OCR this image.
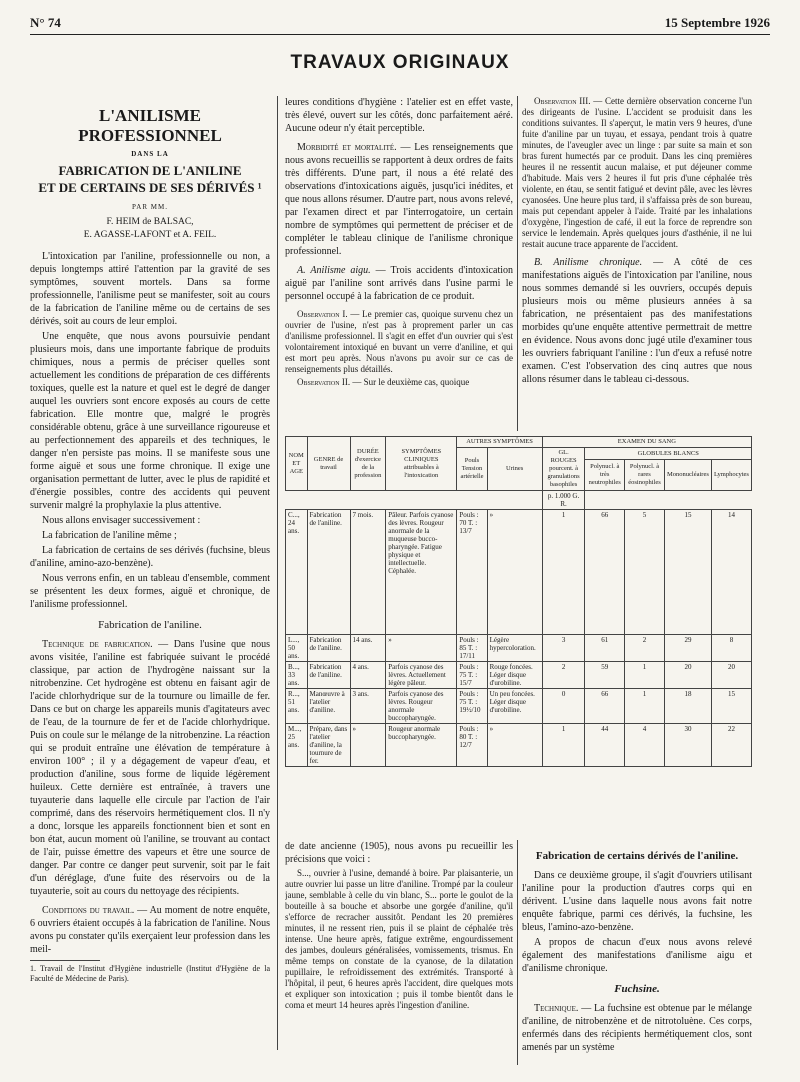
N° 74	15 Septembre 1926
TRAVAUX ORIGINAUX
L'ANILISME PROFESSIONNEL
DANS LA
FABRICATION DE L'ANILINE
ET DE CERTAINS DE SES DÉRIVÉS ¹
PAR MM.
F. HEIM de BALSAC,
E. AGASSE-LAFONT et A. FEIL.

L'intoxication par l'aniline, professionnelle ou non, a depuis longtemps attiré l'attention par la gravité de ses symptômes, souvent mortels. Dans sa forme professionnelle, l'anilisme peut se manifester, soit au cours de la fabrication de l'aniline même ou de certains de ses dérivés, soit au cours de leur emploi.

Une enquête, que nous avons poursuivie pendant plusieurs mois, dans une importante fabrique de produits chimiques, nous a permis de préciser quelles sont actuellement les conditions de préparation de ces différents toxiques, quelle est la nature et quel est le degré de danger auquel les ouvriers sont encore exposés au cours de cette fabrication. Elle montre que, malgré le progrès considérable obtenu, grâce à une surveillance rigoureuse et au perfectionnement des appareils et des techniques, le danger n'en persiste pas moins. Il se manifeste sous une forme aiguë et sous une forme chronique. Il exige une organisation permettant de lutter, avec le plus de rapidité et d'énergie possibles, contre des accidents qui peuvent survenir malgré la prophylaxie la plus attentive.

Nous allons envisager successivement :

La fabrication de l'aniline même ;

La fabrication de certains de ses dérivés (fuchsine, bleus d'aniline, amino-azo-benzène).

Nous verrons enfin, en un tableau d'ensemble, comment se présentent les deux formes, aiguë et chronique, de l'anilisme professionnel.

Fabrication de l'aniline.

Technique de fabrication. — Dans l'usine que nous avons visitée, l'aniline est fabriquée suivant le procédé classique, par action de l'hydrogène naissant sur la nitrobenzine. Cet hydrogène est obtenu en faisant agir de l'acide chlorhydrique sur de la tournure ou limaille de fer. Dans ce but on charge les appareils munis d'agitateurs avec de l'eau, de la tournure de fer et de l'acide chlorhydrique. Puis on coule sur le mélange de la nitrobenzine. La réaction qui se produit entraîne une élévation de température à environ 100° ; il y a dégagement de vapeur d'eau, et production d'aniline, sous forme de liquide légèrement huileux. Cette dernière est entraînée, à travers une tuyauterie dans laquelle elle circule par l'action de l'air comprimé, dans des réservoirs hermétiquement clos. Il n'y a donc, lorsque les appareils fonctionnent bien et sont en bon état, aucun moment où l'aniline, se trouvant au contact de l'air, puisse émettre des vapeurs et être une source de danger. Par contre ce danger peut survenir, soit par le fait d'un déréglage, d'une fuite des réservoirs ou de la tuyauterie, soit au cours du nettoyage des récipients.

Conditions du travail. — Au moment de notre enquête, 6 ouvriers étaient occupés à la fabrication de l'aniline. Nous avons pu constater qu'ils exerçaient leur profession dans les meil-

1. Travail de l'Institut d'Hygiène industrielle (Institut d'Hygiène de la Faculté de Médecine de Paris).

leures conditions d'hygiène : l'atelier est en effet vaste, très élevé, ouvert sur les côtés, donc parfaitement aéré. Aucune odeur n'y était perceptible.

Morbidité et mortalité. — Les renseignements que nous avons recueillis se rapportent à deux ordres de faits très différents. D'une part, il nous a été relaté des observations d'intoxications aiguës, jusqu'ici inédites, et que nous allons résumer. D'autre part, nous avons relevé, par l'examen direct et par l'interrogatoire, un certain nombre de symptômes qui permettent de préciser et de compléter le tableau clinique de l'anilisme chronique professionnel.

A. Anilisme aigu. — Trois accidents d'intoxication aiguë par l'aniline sont arrivés dans l'usine parmi le personnel occupé à la fabrication de ce produit.

Observation I. — Le premier cas, quoique survenu chez un ouvrier de l'usine, n'est pas à proprement parler un cas d'anilisme professionnel. Il s'agit en effet d'un ouvrier qui s'est volontairement intoxiqué en buvant un verre d'aniline, et qui est mort peu après. Nous n'avons pu avoir sur ce cas de renseignements plus détaillés.

Observation II. — Sur le deuxième cas, quoique

Observation III. — Cette dernière observation concerne l'un des dirigeants de l'usine. L'accident se produisit dans les conditions suivantes. Il s'aperçut, le matin vers 9 heures, d'une fuite d'aniline par un tuyau, et essaya, pendant trois à quatre minutes, de l'aveugler avec un linge : par suite sa main et son bras furent humectés par ce produit. Dans les cinq premières heures il ne ressentit aucun malaise, et put déjeuner comme d'habitude. Mais vers 2 heures il fut pris d'une céphalée très violente, en étau, se sentit fatigué et devint pâle, avec les lèvres cyanosées. Une heure plus tard, il s'affaissa près de son bureau, mais put cependant appeler à l'aide. Traité par les inhalations d'oxygène, l'ingestion de café, il eut la force de reprendre son service le lendemain. Après quelques jours d'asthénie, il ne lui restait aucune trace apparente de l'accident.

B. Anilisme chronique. — A côté de ces manifestations aiguës de l'intoxication par l'aniline, nous nous sommes demandé si les ouvriers, occupés depuis plusieurs mois ou même plusieurs années à sa fabrication, ne présentaient pas des manifestations morbides qu'une enquête attentive permettrait de mettre en évidence. Nous avons donc jugé utile d'examiner tous les ouvriers fabriquant l'aniline : l'un d'eux a refusé notre examen. C'est l'observation des cinq autres que nous allons résumer dans le tableau ci-dessous.

NOM ET AGE	GENRE de travail	DURÉE d'exercice de la profession	SYMPTÔMES CLINIQUES attribuables à l'intoxication	AUTRES SYMPTÔMES		EXAMEN DU SANG				
				Pouls Tension artérielle	Urines	GL. ROUGES pourcent. à granulations basophiles	GLOBULES BLANCS			
							Polynucl. à très neutrophiles	Polynucl. à rares éosinophiles	Mononucléaires	Lymphocytes
						p. 1.000 G. R.				
C..., 24 ans.	Fabrication de l'aniline.	7 mois.	Pâleur. Parfois cyanose des lèvres. Rougeur anormale de la muqueuse bucco-pharyngée. Fatigue physique et intellectuelle. Céphalée.	Pouls : 70 T. : 13/7	»	1	66	5	15	14
L..., 50 ans.	Fabrication de l'aniline.	14 ans.	»	Pouls : 85 T. : 17/11	Légère hypercoloration.	3	61	2	29	8
B..., 33 ans.	Fabrication de l'aniline.	4 ans.	Parfois cyanose des lèvres. Actuellement légère pâleur.	Pouls : 75 T. : 15/7	Rouge foncées. Léger disque d'urobiline.	2	59	1	20	20
R..., 51 ans.	Manœuvre à l'atelier d'aniline.	3 ans.	Parfois cyanose des lèvres. Rougeur anormale buccopharyngée.	Pouls : 75 T. : 19½/10	Un peu foncées. Léger disque d'urobiline.	0	66	1	18	15
M..., 25 ans.	Prépare, dans l'atelier d'aniline, la tournure de fer.	»	Rougeur anormale buccopharyngée.	Pouls : 80 T. : 12/7	»	1	44	4	30	22

de date ancienne (1905), nous avons pu recueillir les précisions que voici :

S..., ouvrier à l'usine, demandé à boire. Par plaisanterie, un autre ouvrier lui passe un litre d'aniline. Trompé par la couleur jaune, semblable à celle du vin blanc, S... porte le goulot de la bouteille à sa bouche et absorbe une gorgée d'aniline, qu'il s'efforce de recracher aussitôt. Pendant les 20 premières minutes, il ne ressent rien, puis il se plaint de céphalée très intense. Une heure après, fatigue extrême, engourdissement des jambes, douleurs généralisées, vomissements, trismus. En même temps on constate de la cyanose, de la dilatation pupillaire, le refroidissement des extrémités. Transporté à l'hôpital, il peut, 6 heures après l'accident, dire quelques mots et expliquer son intoxication ; puis il tombe bientôt dans le coma et meurt 14 heures après l'ingestion d'aniline.

Fabrication de certains dérivés de l'aniline.

Dans ce deuxième groupe, il s'agit d'ouvriers utilisant l'aniline pour la production d'autres corps qui en dérivent. L'usine dans laquelle nous avons fait notre enquête fabrique, parmi ces dérivés, la fuchsine, les bleus, l'amino-azo-benzène.

A propos de chacun d'eux nous avons relevé également des manifestations d'anilisme aigu et d'anilisme chronique.

Fuchsine.

Technique. — La fuchsine est obtenue par le mélange d'aniline, de nitrobenzène et de nitrotoluène. Ces corps, enfermés dans des récipients hermétiquement clos, sont amenés par un système
